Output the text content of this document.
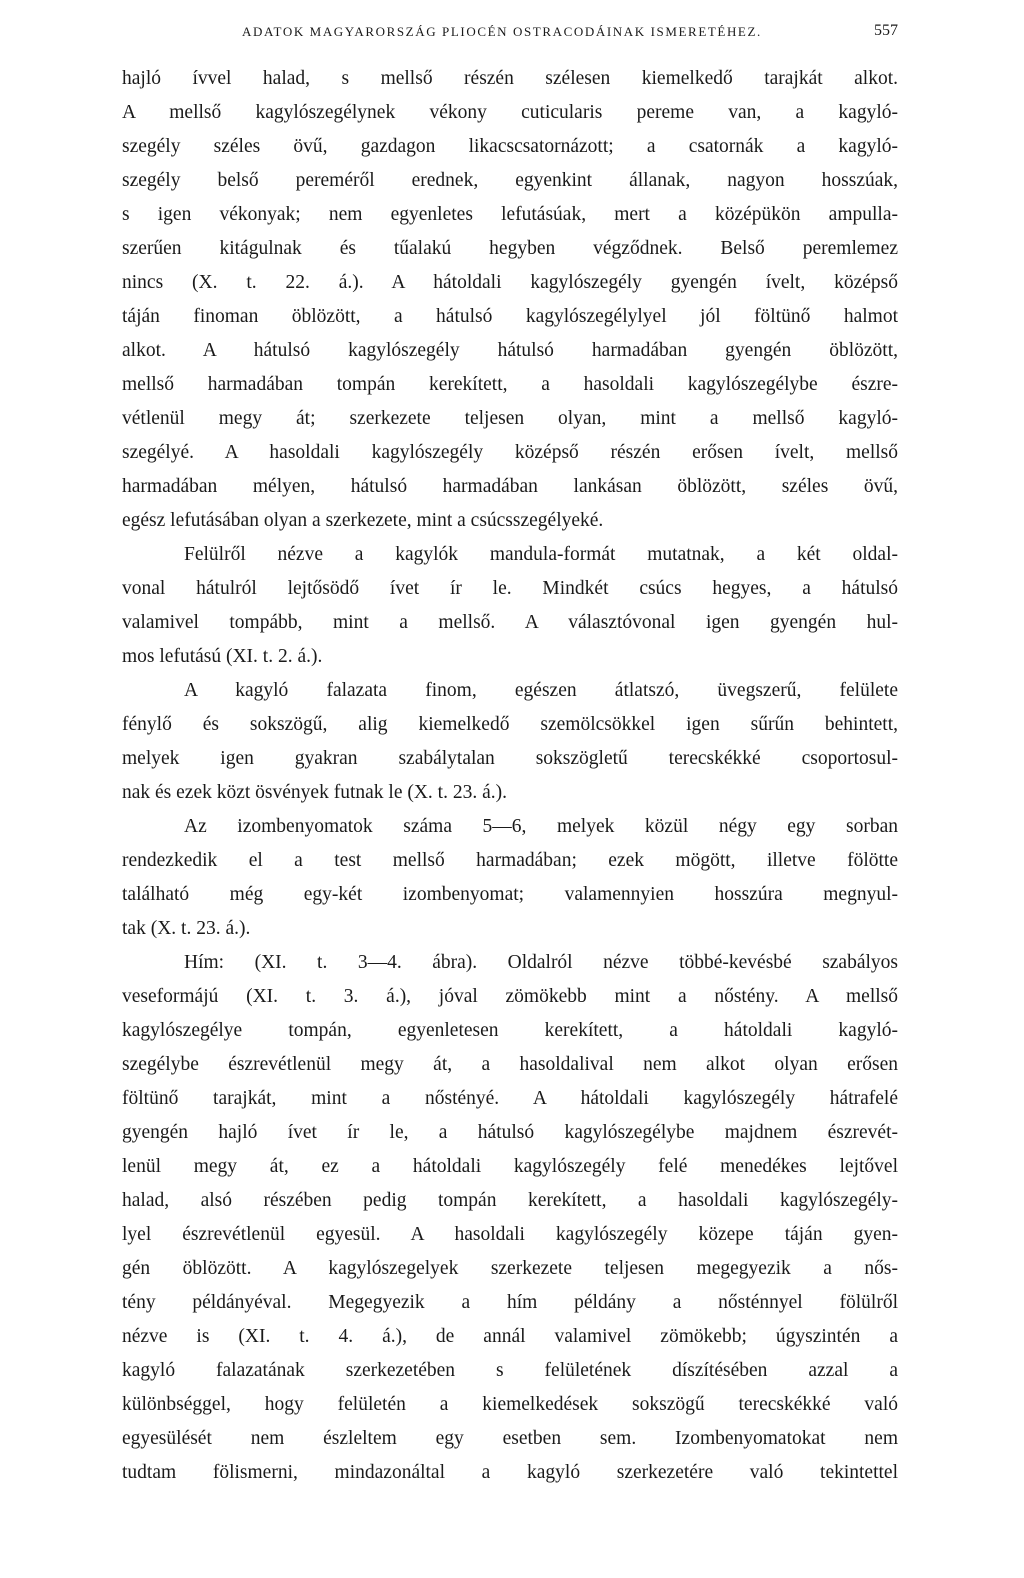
ADATOK MAGYARORSZÁG PLIOCÉN OSTRACODÁINAK ISMERETÉHEZ.	557
hajló ívvel halad, s mellső részén szélesen kiemelkedő tarajkát alkot.
A mellső kagylószegélynek vékony cuticularis pereme van, a kagyló-
szegély széles övű, gazdagon likacscsatornázott; a csatornák a kagyló-
szegély belső pereméről erednek, egyenkint állanak, nagyon hosszúak,
s igen vékonyak; nem egyenletes lefutásúak, mert a középükön ampulla-
szerűen kitágulnak és tűalakú hegyben végződnek. Belső peremlemez
nincs (X. t. 22. á.). A hátoldali kagylószegély gyengén ívelt, középső
táján finoman öblözött, a hátulsó kagylószegélylyel jól föltünő halmot
alkot. A hátulsó kagylószegély hátulsó harmadában gyengén öblözött,
mellső harmadában tompán kerekített, a hasoldali kagylószegélybe észre-
vétlenül megy át; szerkezete teljesen olyan, mint a mellső kagyló-
szegélyé. A hasoldali kagylószegély középső részén erősen ívelt, mellső
harmadában mélyen, hátulsó harmadában lankásan öblözött, széles övű,
egész lefutásában olyan a szerkezete, mint a csúcsszegélyeké.
Felülről nézve a kagylók mandula-formát mutatnak, a két oldal-
vonal hátulról lejtősödő ívet ír le. Mindkét csúcs hegyes, a hátulsó
valamivel tompább, mint a mellső. A választóvonal igen gyengén hul-
mos lefutású (XI. t. 2. á.).
A kagyló falazata finom, egészen átlatszó, üvegszerű, felülete
fénylő és sokszögű, alig kiemelkedő szemölcsökkel igen sűrűn behintett,
melyek igen gyakran szabálytalan sokszögletű terecskékké csoportosul-
nak és ezek közt ösvények futnak le (X. t. 23. á.).
Az izombenyomatok száma 5—6, melyek közül négy egy sorban
rendezkedik el a test mellső harmadában; ezek mögött, illetve fölötte
található még egy-két izombenyomat; valamennyien hosszúra megnyul-
tak (X. t. 23. á.).
Hím: (XI. t. 3—4. ábra). Oldalról nézve többé-kevésbé szabályos
veseformájú (XI. t. 3. á.), jóval zömökebb mint a nőstény. A mellső
kagylószegélye tompán, egyenletesen kerekített, a hátoldali kagyló-
szegélybe észrevétlenül megy át, a hasoldalival nem alkot olyan erősen
föltünő tarajkát, mint a nőstényé. A hátoldali kagylószegély hátrafelé
gyengén hajló ívet ír le, a hátulsó kagylószegélybe majdnem észrevét-
lenül megy át, ez a hátoldali kagylószegély felé menedékes lejtővel
halad, alsó részében pedig tompán kerekített, a hasoldali kagylószegély-
lyel észrevétlenül egyesül. A hasoldali kagylószegély közepe táján gyen-
gén öblözött. A kagylószegelyek szerkezete teljesen megegyezik a nős-
tény példányéval. Megegyezik a hím példány a nősténnyel fölülről
nézve is (XI. t. 4. á.), de annál valamivel zömökebb; úgyszintén a
kagyló falazatának szerkezetében s felületének díszítésében azzal a
különbséggel, hogy felületén a kiemelkedések sokszögű terecskékké való
egyesülését nem észleltem egy esetben sem. Izombenyomatokat nem
tudtam fölismerni, mindazonáltal a kagyló szerkezetére való tekintettel
